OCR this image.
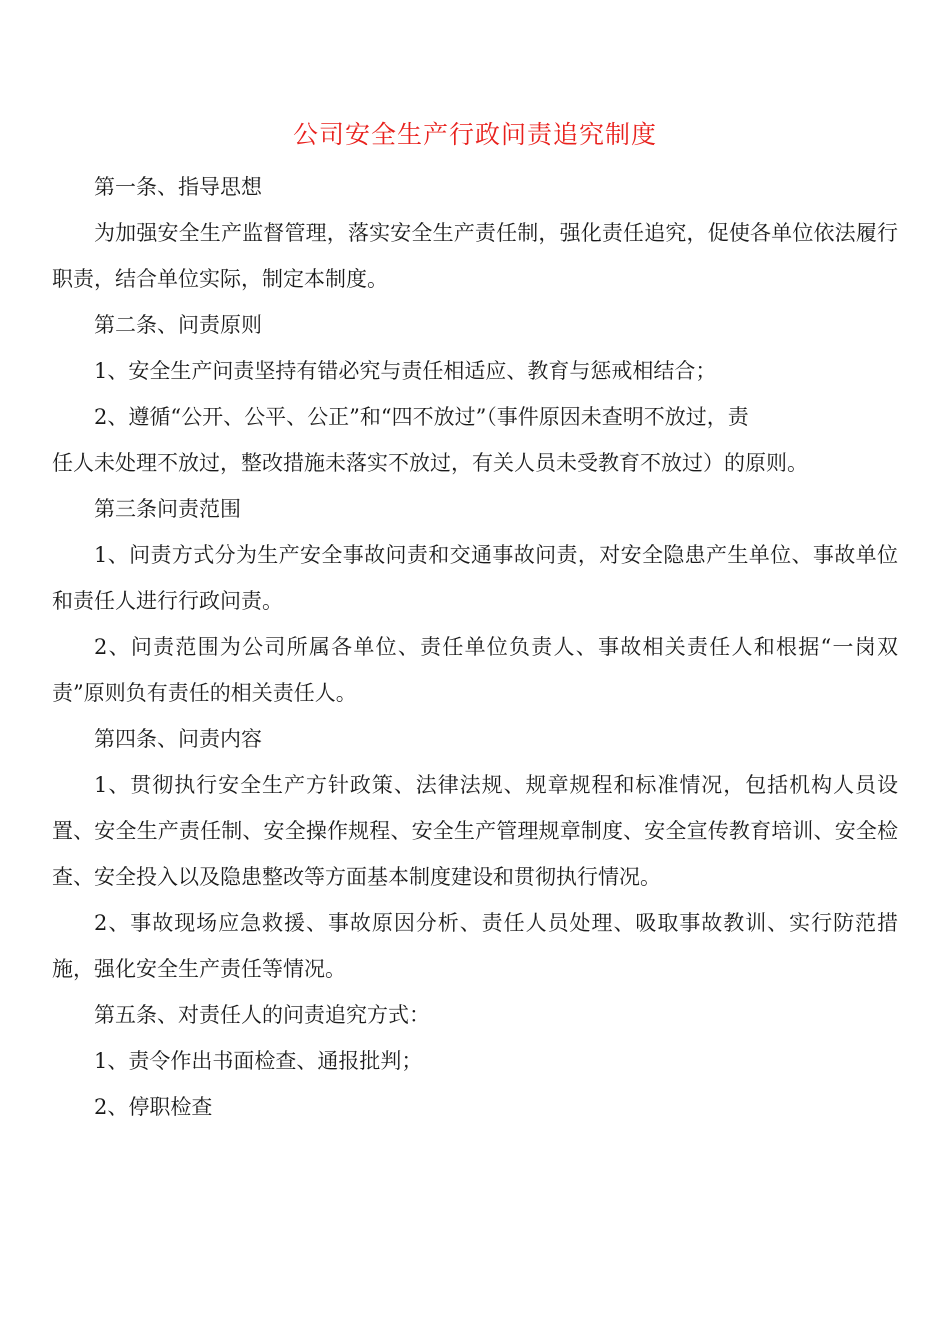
公司安全生产行政问责追究制度

第一条、指导思想

为加强安全生产监督管理，落实安全生产责任制，强化责任追究，促使各单位依法履行职责，结合单位实际，制定本制度。

第二条、问责原则

1、安全生产问责坚持有错必究与责任相适应、教育与惩戒相结合；

2、遵循“公开、公平、公正”和“四不放过”（事件原因未查明不放过，责

任人未处理不放过，整改措施未落实不放过，有关人员未受教育不放过）的原则。

第三条问责范围

1、问责方式分为生产安全事故问责和交通事故问责，对安全隐患产生单位、事故单位和责任人进行行政问责。

2、问责范围为公司所属各单位、责任单位负责人、事故相关责任人和根据“一岗双责”原则负有责任的相关责任人。

第四条、问责内容

1、贯彻执行安全生产方针政策、法律法规、规章规程和标准情况，包括机构人员设置、安全生产责任制、安全操作规程、安全生产管理规章制度、安全宣传教育培训、安全检查、安全投入以及隐患整改等方面基本制度建设和贯彻执行情况。

2、事故现场应急救援、事故原因分析、责任人员处理、吸取事故教训、实行防范措施，强化安全生产责任等情况。

第五条、对责任人的问责追究方式：

1、责令作出书面检查、通报批判；

2、停职检查
